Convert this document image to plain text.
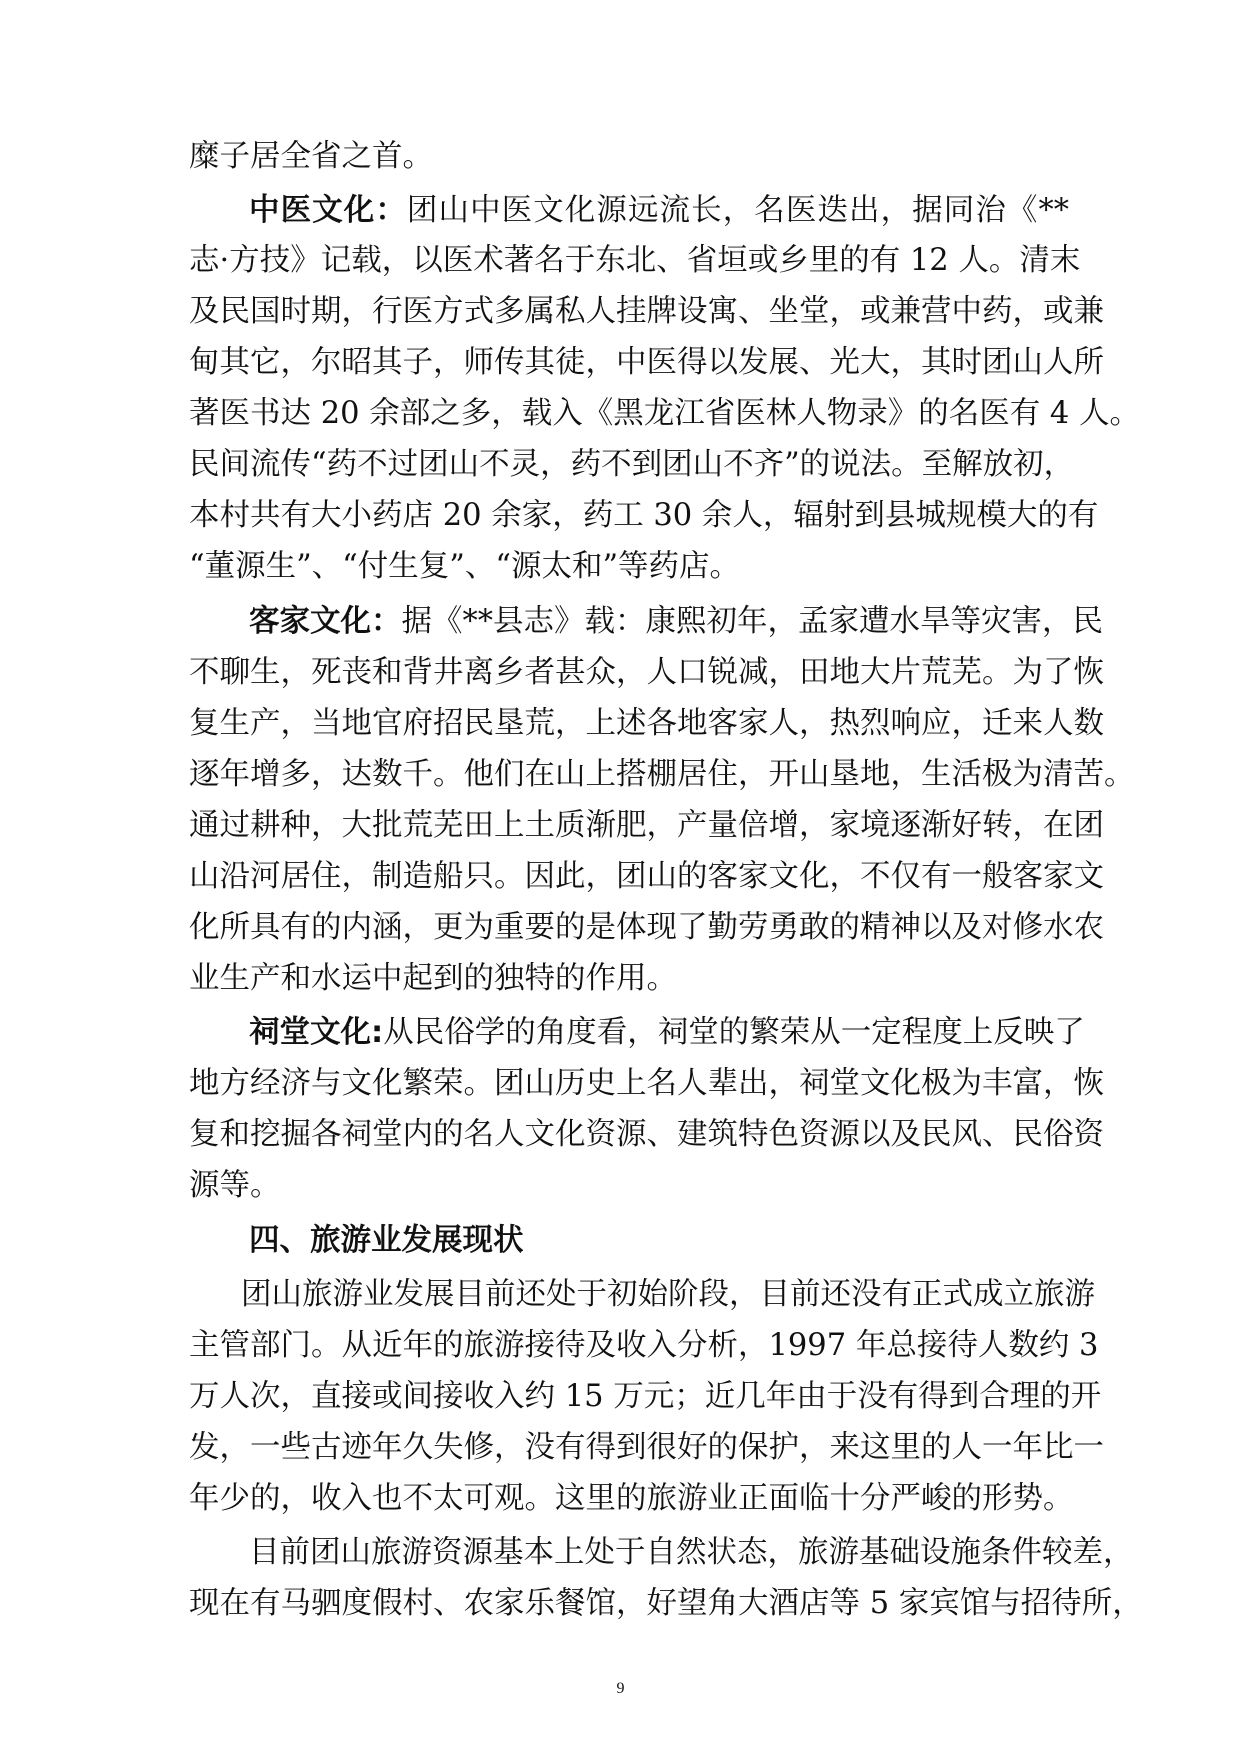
糜子居全省之首。
中医文化：团山中医文化源远流长，名医迭出，据同治《**
志·方技》记载，以医术著名于东北、省垣或乡里的有 12 人。清末
及民国时期，行医方式多属私人挂牌设寓、坐堂，或兼营中药，或兼
甸其它，尔昭其子，师传其徒，中医得以发展、光大，其时团山人所
著医书达 20 余部之多，载入《黑龙江省医林人物录》的名医有 4 人。
民间流传“药不过团山不灵，药不到团山不齐”的说法。至解放初，
本村共有大小药店 20 余家，药工 30 余人，辐射到县城规模大的有
“董源生”、“付生复”、“源太和”等药店。
客家文化：据《**县志》载：康熙初年，孟家遭水旱等灾害，民
不聊生，死丧和背井离乡者甚众，人口锐减，田地大片荒芜。为了恢
复生产，当地官府招民垦荒，上述各地客家人，热烈响应，迁来人数
逐年增多，达数千。他们在山上搭棚居住，开山垦地，生活极为清苦。
通过耕种，大批荒芜田上土质渐肥，产量倍增，家境逐渐好转，在团
山沿河居住，制造船只。因此，团山的客家文化，不仅有一般客家文
化所具有的内涵，更为重要的是体现了勤劳勇敢的精神以及对修水农
业生产和水运中起到的独特的作用。
祠堂文化:从民俗学的角度看，祠堂的繁荣从一定程度上反映了
地方经济与文化繁荣。团山历史上名人辈出，祠堂文化极为丰富，恢
复和挖掘各祠堂内的名人文化资源、建筑特色资源以及民风、民俗资
源等。
四、旅游业发展现状
团山旅游业发展目前还处于初始阶段，目前还没有正式成立旅游
主管部门。从近年的旅游接待及收入分析，1997 年总接待人数约 3
万人次，直接或间接收入约 15 万元；近几年由于没有得到合理的开
发，一些古迹年久失修，没有得到很好的保护，来这里的人一年比一
年少的，收入也不太可观。这里的旅游业正面临十分严峻的形势。
目前团山旅游资源基本上处于自然状态，旅游基础设施条件较差，
现在有马驷度假村、农家乐餐馆，好望角大酒店等 5 家宾馆与招待所，
9
